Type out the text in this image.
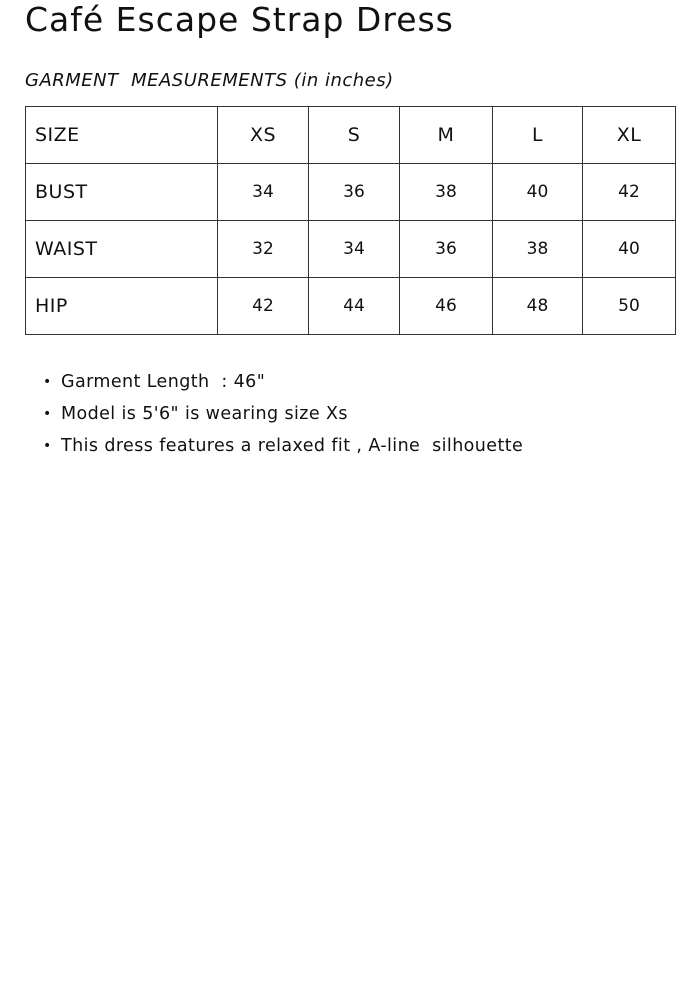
Café Escape Strap Dress
GARMENT  MEASUREMENTS (in inches)
SIZE	XS	S	M	L	XL
BUST	34	36	38	40	42
WAIST	32	34	36	38	40
HIP	42	44	46	48	50
• Garment Length  : 46"
• Model is 5'6" is wearing size Xs
• This dress features a relaxed fit , A-line  silhouette
